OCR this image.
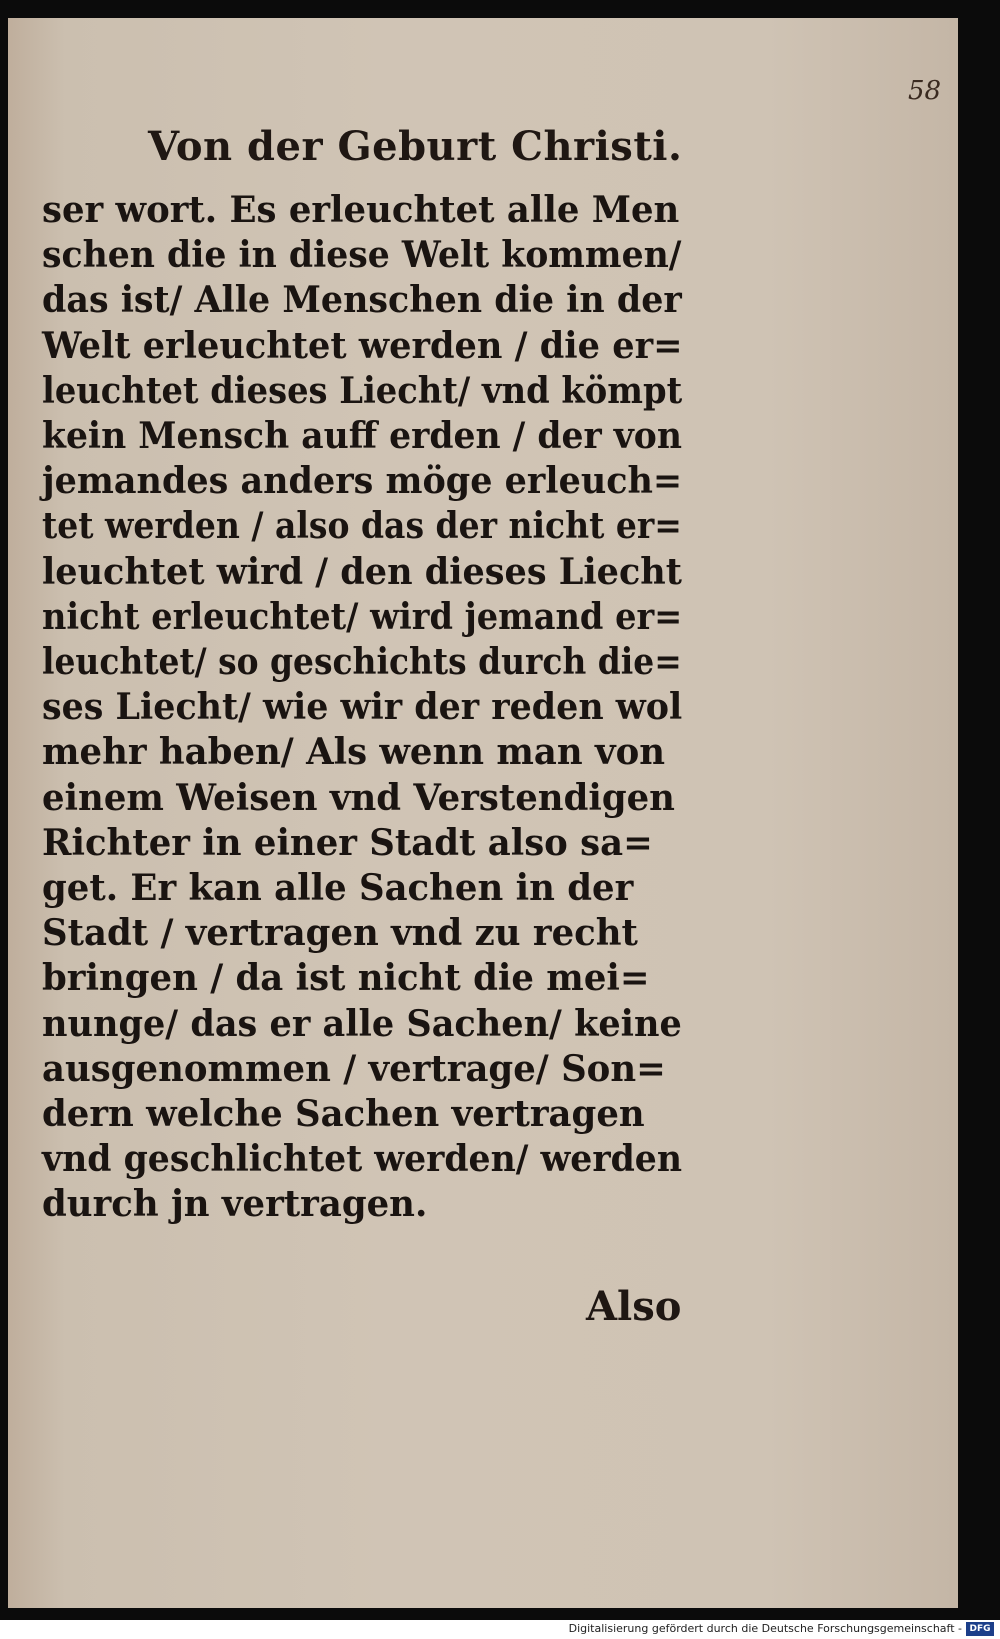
58
Von der Geburt Christi.
ser wort. Es erleuchtet alle Men
schen die in diese Welt kommen/
das ist/ Alle Menschen die in der
Welt erleuchtet werden / die er=
leuchtet dieses Liecht/ vnd kömpt
kein Mensch auff erden / der von
jemandes anders möge erleuch=
tet werden / also das der nicht er=
leuchtet wird / den dieses Liecht
nicht erleuchtet/ wird jemand er=
leuchtet/ so geschichts durch die=
ses Liecht/ wie wir der reden wol
mehr haben/ Als wenn man von
einem Weisen vnd Verstendigen
Richter in einer Stadt also sa=
get. Er kan alle Sachen in der
Stadt / vertragen vnd zu recht
bringen / da ist nicht die mei=
nunge/ das er alle Sachen/ keine
ausgenommen / vertrage/ Son=
dern welche Sachen vertragen
vnd geschlichtet werden/ werden
durch jn vertragen.
Also
Digitalisierung gefördert durch die Deutsche Forschungsgemeinschaft - DFG
